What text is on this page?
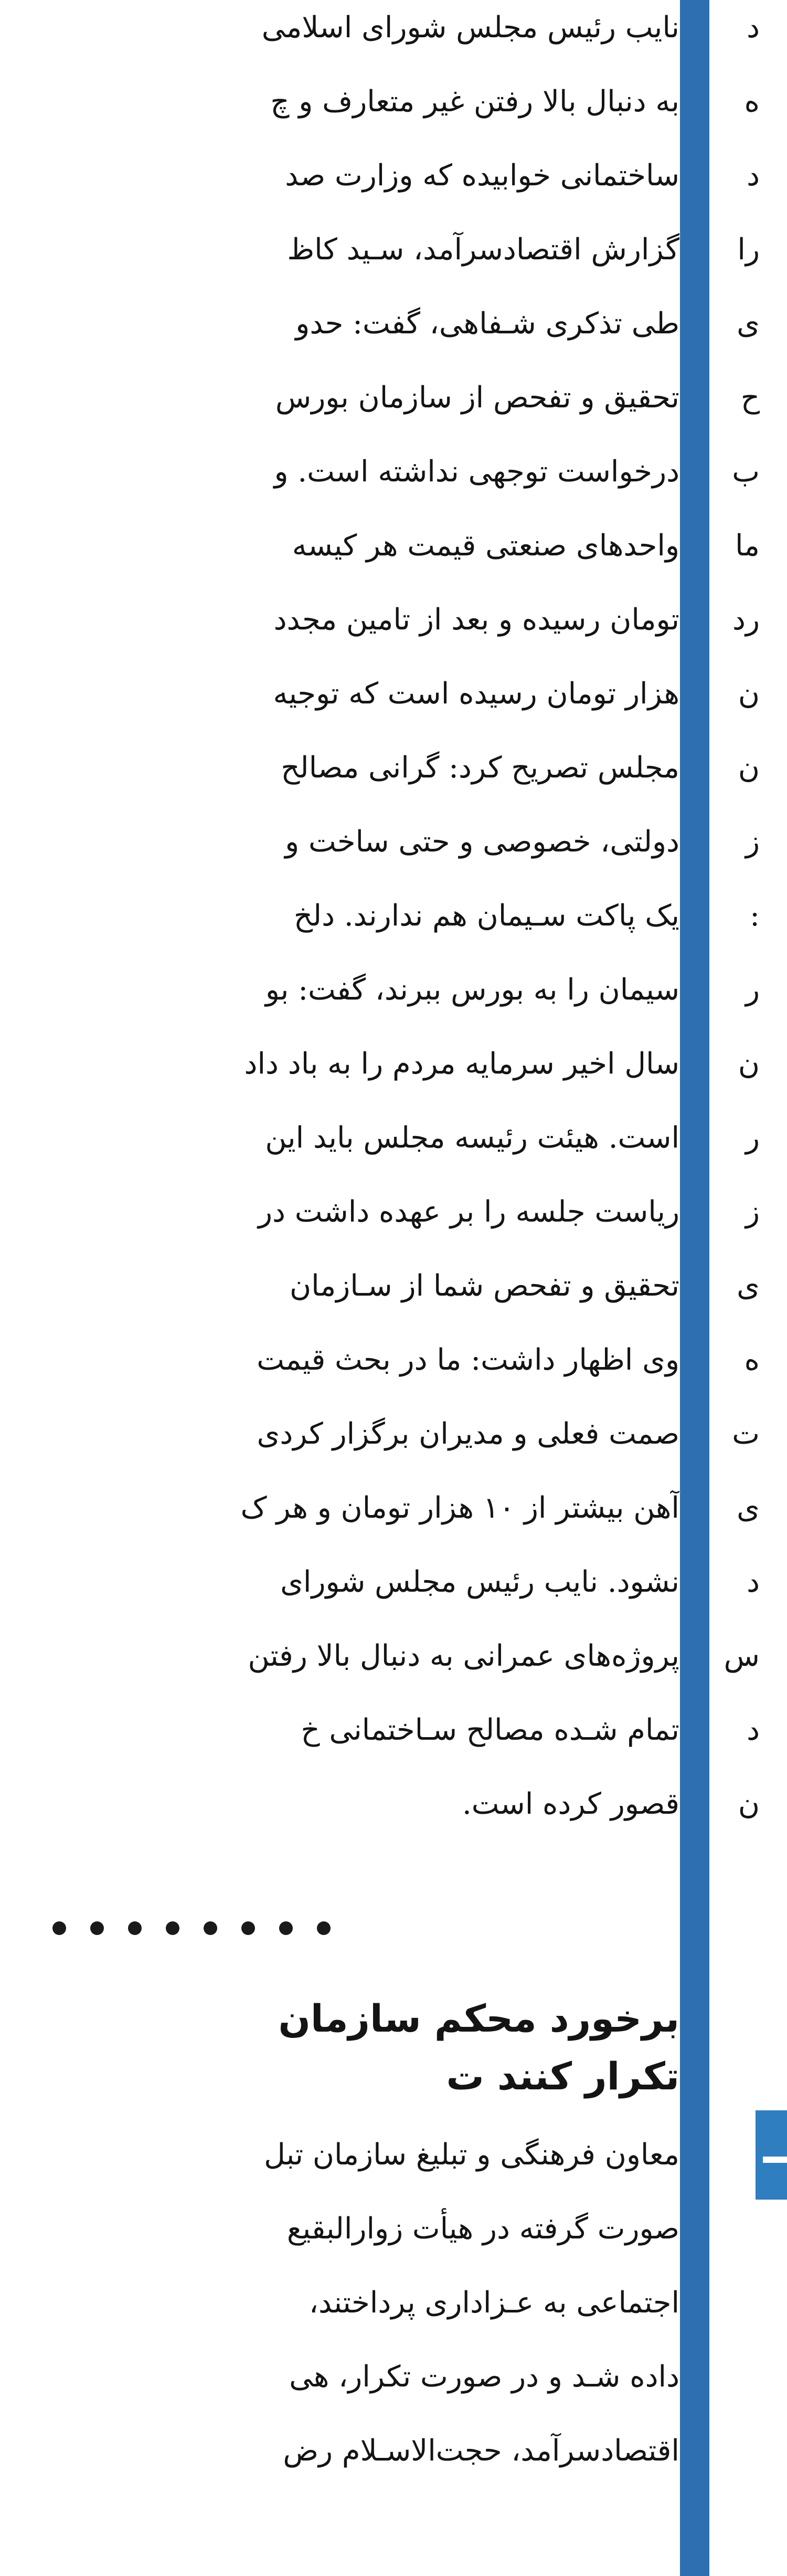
نایب رئیس مجلس شورای اسلامی
به دنبال بالا رفتن غیر متعارف و چ
ساختمانی خوابیده که وزارت صد
گزارش اقتصادسرآمد، سـید کاظ
طی تذکری شـفاهی، گفت: حدو
تحقیق و تفحص از سازمان بورس
درخواست توجهی نداشته است. و
واحدهای صنعتی قیمت هر کیسه
تومان رسیده و بعد از تامین مجدد
هزار تومان رسیده است که توجیه
مجلس تصریح کرد: گرانی مصالح
دولتی، خصوصی و حتی ساخت و
یک پاکت سـیمان هم ندارند. دلخ
سیمان را به بورس ببرند، گفت: بو
سال اخیر سرمایه مردم را به باد داد
است. هیئت رئیسه مجلس باید این
ریاست جلسه را بر عهده داشت در
تحقیق و تفحص شما از سـازمان
وی اظهار داشت: ما در بحث قیمت
صمت فعلی و مدیران برگزار کردی
آهن بیشتر از ۱۰ هزار تومان و هر ک
نشود. نایب رئیس مجلس شورای
پروژه‌های عمرانی به دنبال بالا رفتن
تمام شـده مصالح سـاختمانی خ
قصور کرده است.
برخورد محکم سازمان
تکرار کنند ت
معاون فرهنگی و تبلیغ سازمان تبل
صورت گرفته در هیأت زوارالبقیع
اجتماعی به عـزاداری پرداختند،
داده شـد و در صورت تکرار، هی
اقتصادسرآمد، حجت‌الاسـلام رض
د
ه
د
را
ی
ح
ب
ما
رد
ن
ن
ز
:
ر
ن
ر
ز
ی
ه
ت
ی
د
س
د
ن
